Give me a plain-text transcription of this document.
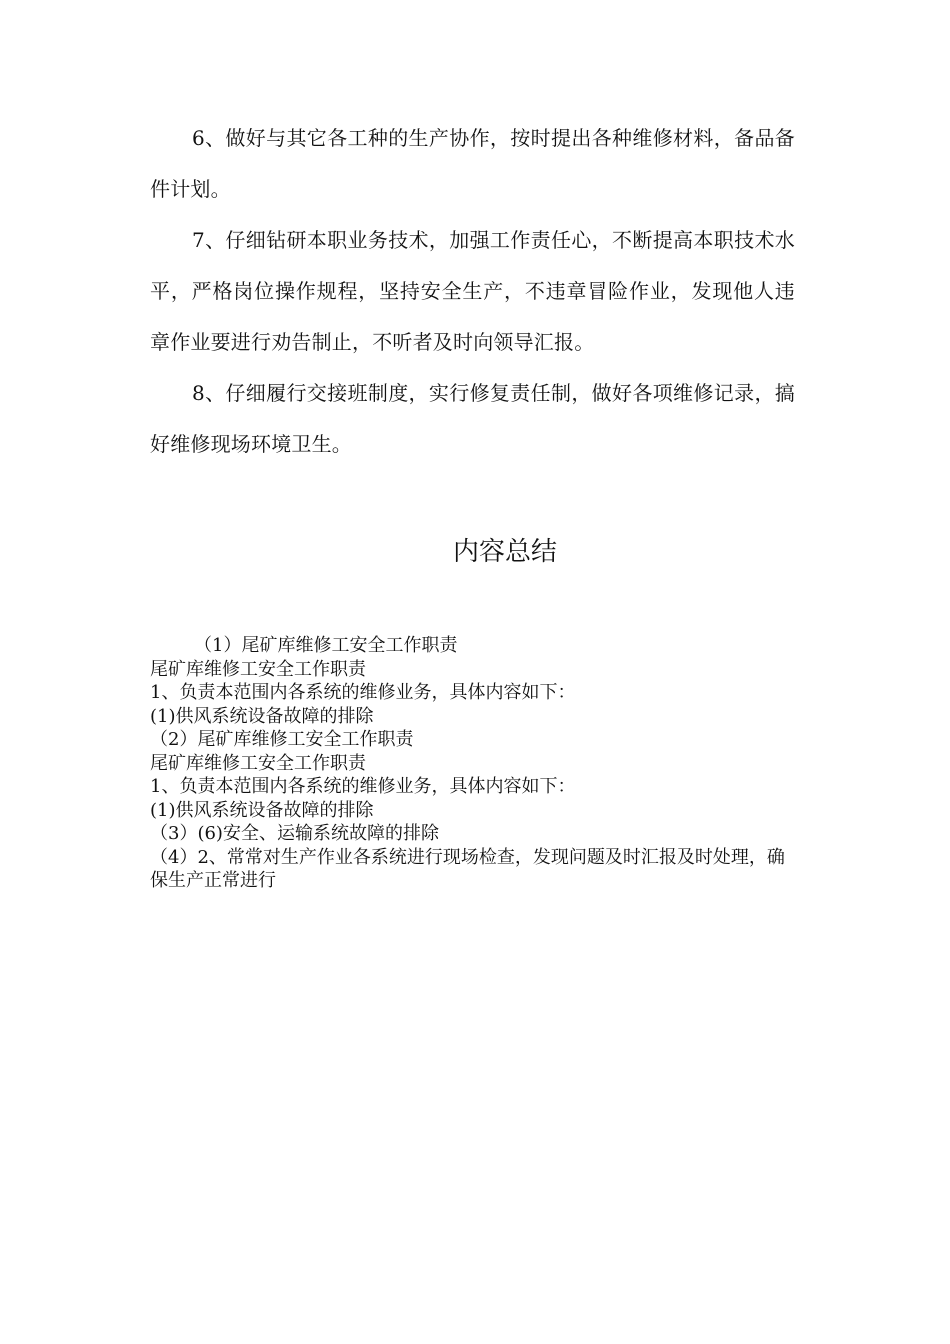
6、做好与其它各工种的生产协作，按时提出各种维修材料，备品备件计划。

7、仔细钻研本职业务技术，加强工作责任心，不断提高本职技术水平，严格岗位操作规程，坚持安全生产，不违章冒险作业，发现他人违章作业要进行劝告制止，不听者及时向领导汇报。

8、仔细履行交接班制度，实行修复责任制，做好各项维修记录，搞好维修现场环境卫生。

内容总结

（1）尾矿库维修工安全工作职责

尾矿库维修工安全工作职责

1、负责本范围内各系统的维修业务，具体内容如下：

(1)供风系统设备故障的排除

（2）尾矿库维修工安全工作职责

尾矿库维修工安全工作职责

1、负责本范围内各系统的维修业务，具体内容如下：

(1)供风系统设备故障的排除

（3）(6)安全、运输系统故障的排除

（4）2、常常对生产作业各系统进行现场检查，发现问题及时汇报及时处理，确保生产正常进行
